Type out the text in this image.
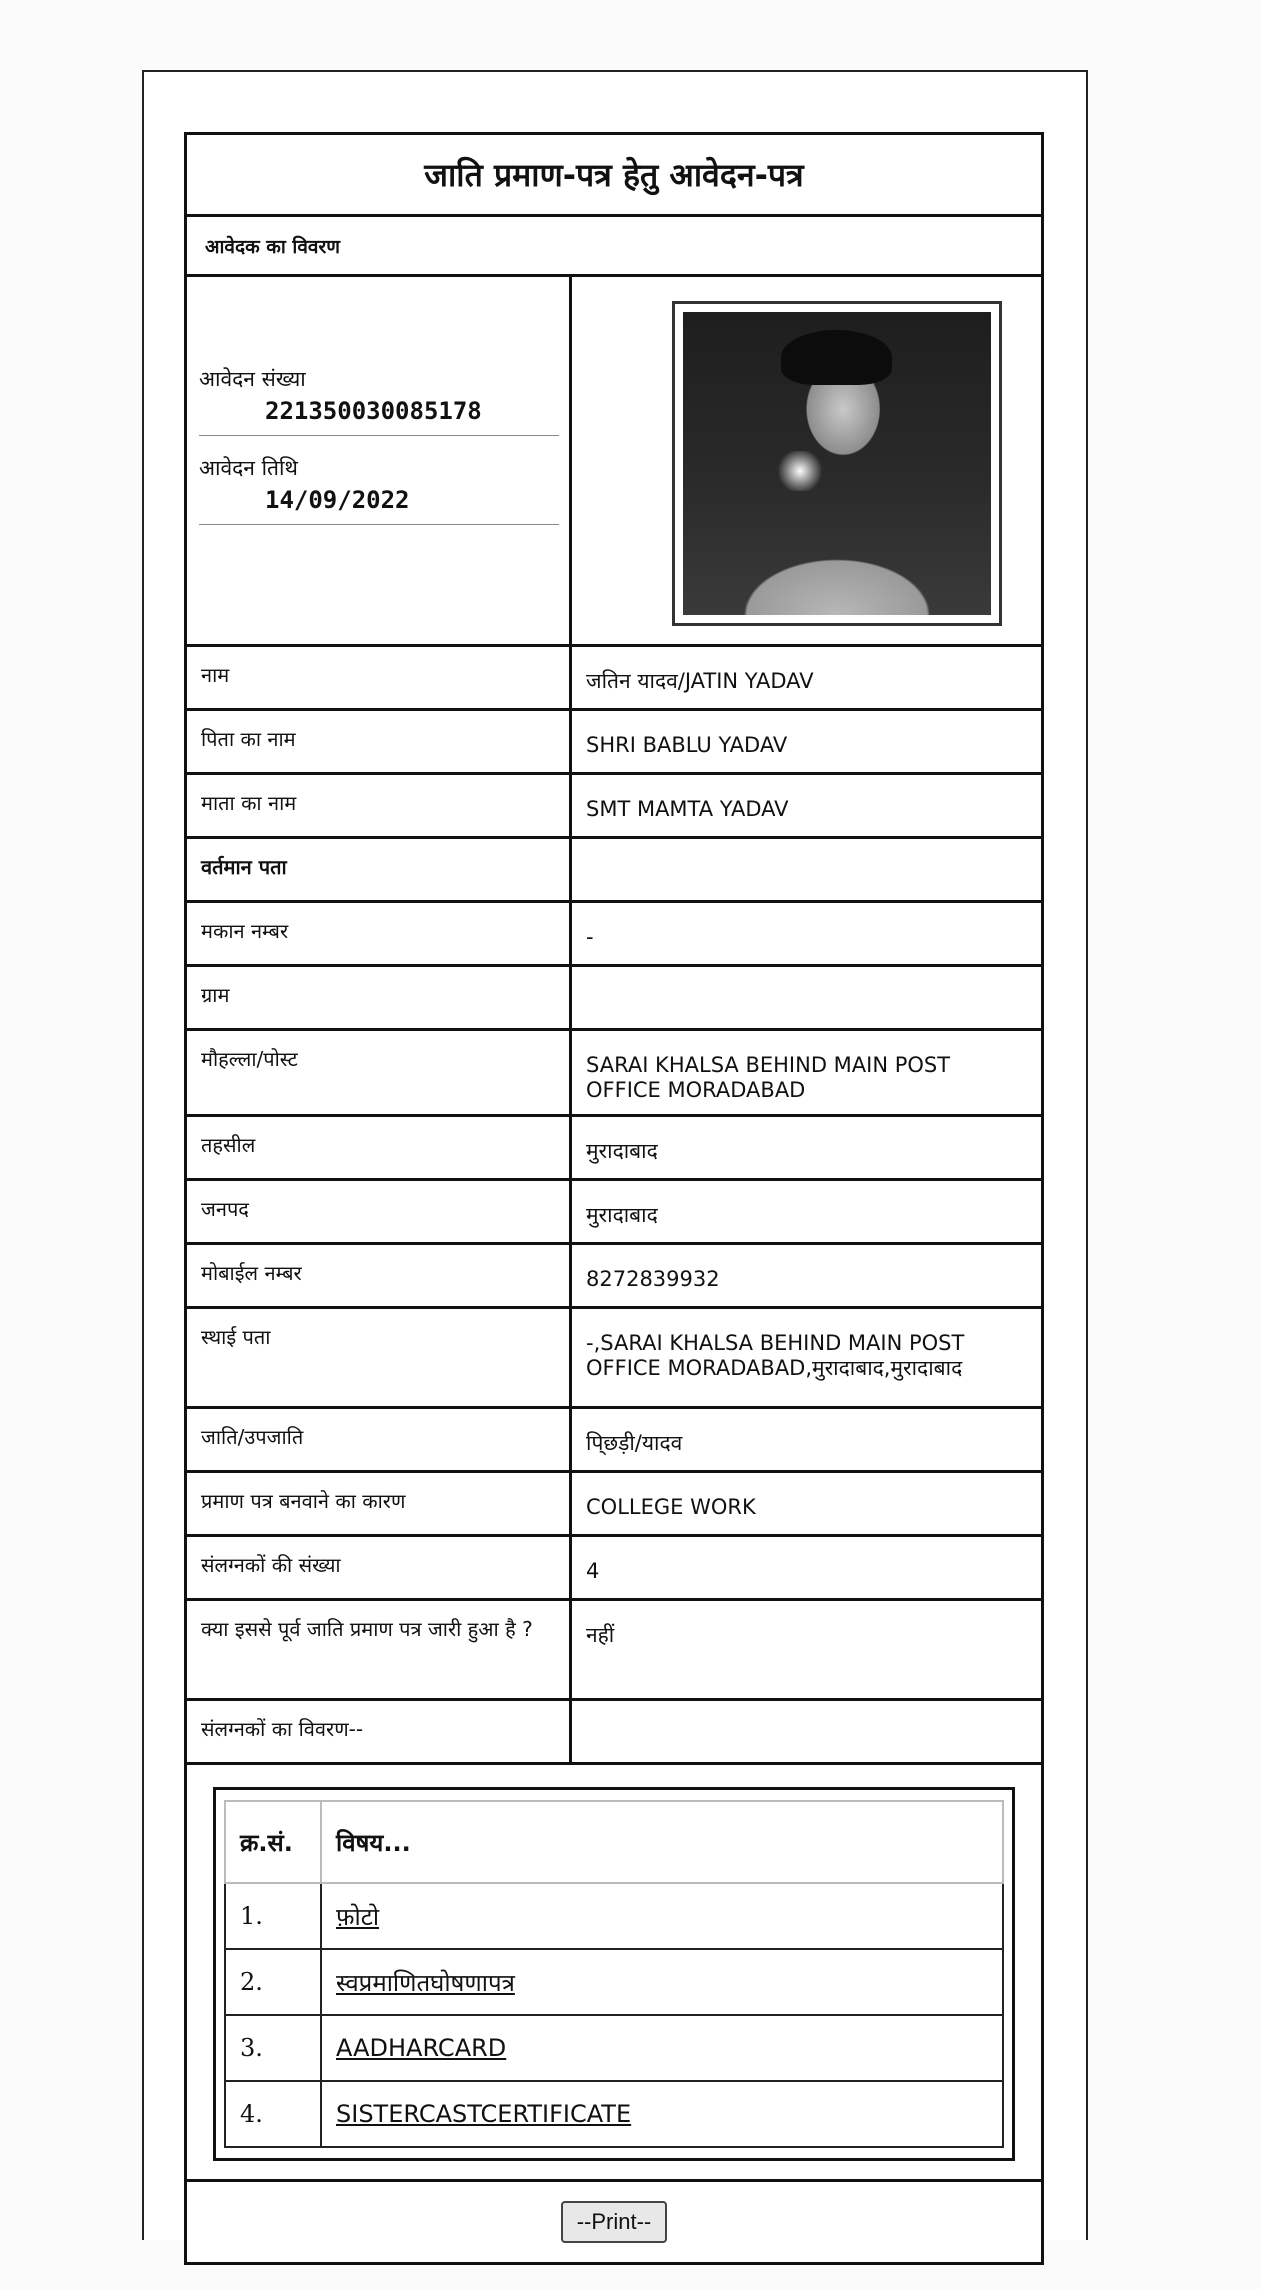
जाति प्रमाण-पत्र हेतु आवेदन-पत्र
आवेदक का विवरण
आवेदन संख्या
221350030085178
आवेदन तिथि
14/09/2022
नाम	जतिन यादव/JATIN YADAV
पिता का नाम	SHRI BABLU YADAV
माता का नाम	SMT MAMTA YADAV
वर्तमान पता
मकान नम्बर	-
ग्राम
मौहल्ला/पोस्ट	SARAI KHALSA BEHIND MAIN POST OFFICE MORADABAD
तहसील	मुरादाबाद
जनपद	मुरादाबाद
मोबाईल नम्बर	8272839932
स्थाई पता	-,SARAI KHALSA BEHIND MAIN POST OFFICE MORADABAD,मुरादाबाद,मुरादाबाद
जाति/उपजाति	पि्छड़ी/यादव
प्रमाण पत्र बनवाने का कारण	COLLEGE WORK
संलग्नकों की संख्या	4
क्या इससे पूर्व जाति प्रमाण पत्र जारी हुआ है ?	नहीं
संलग्नकों का विवरण--
क्र.सं.	विषय...
1.	फ़ोटो
2.	स्वप्रमाणितघोषणापत्र
3.	AADHARCARD
4.	SISTERCASTCERTIFICATE
--Print--
